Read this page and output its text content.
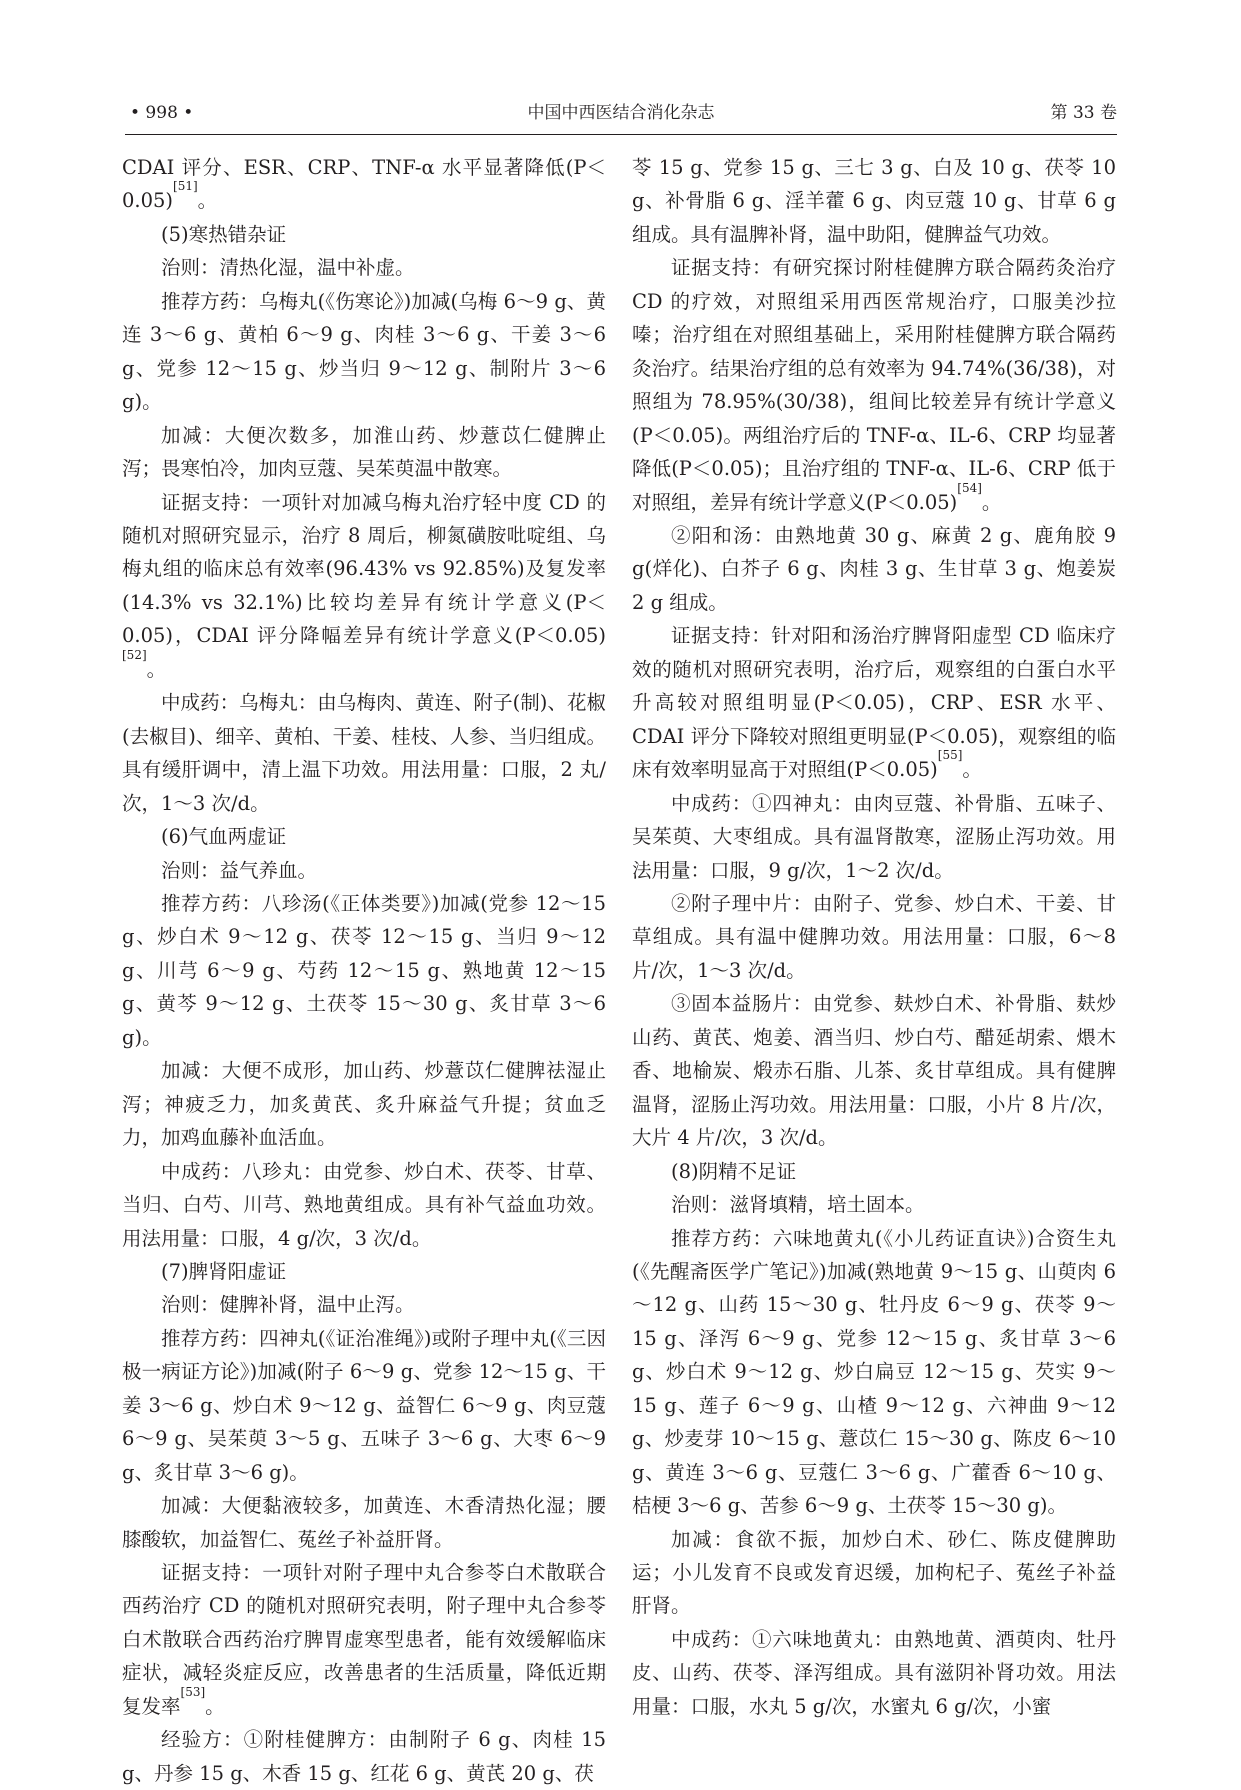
• 998 •	中国中西医结合消化杂志	第 33 卷

CDAI 评分、ESR、CRP、TNF-α 水平显著降低(P＜0.05)[51]。

(5)寒热错杂证

治则：清热化湿，温中补虚。

推荐方药：乌梅丸(《伤寒论》)加减(乌梅 6～9 g、黄连 3～6 g、黄柏 6～9 g、肉桂 3～6 g、干姜 3～6 g、党参 12～15 g、炒当归 9～12 g、制附片 3～6 g)。

加减：大便次数多，加淮山药、炒薏苡仁健脾止泻；畏寒怕冷，加肉豆蔻、吴茱萸温中散寒。

证据支持：一项针对加减乌梅丸治疗轻中度 CD 的随机对照研究显示，治疗 8 周后，柳氮磺胺吡啶组、乌梅丸组的临床总有效率(96.43% vs 92.85%)及复发率(14.3% vs 32.1%)比较均差异有统计学意义(P＜0.05)，CDAI 评分降幅差异有统计学意义(P＜0.05)[52]。

中成药：乌梅丸：由乌梅肉、黄连、附子(制)、花椒(去椒目)、细辛、黄柏、干姜、桂枝、人参、当归组成。具有缓肝调中，清上温下功效。用法用量：口服，2 丸/次，1～3 次/d。

(6)气血两虚证

治则：益气养血。

推荐方药：八珍汤(《正体类要》)加减(党参 12～15 g、炒白术 9～12 g、茯苓 12～15 g、当归 9～12 g、川芎 6～9 g、芍药 12～15 g、熟地黄 12～15 g、黄芩 9～12 g、土茯苓 15～30 g、炙甘草 3～6 g)。

加减：大便不成形，加山药、炒薏苡仁健脾祛湿止泻；神疲乏力，加炙黄芪、炙升麻益气升提；贫血乏力，加鸡血藤补血活血。

中成药：八珍丸：由党参、炒白术、茯苓、甘草、当归、白芍、川芎、熟地黄组成。具有补气益血功效。用法用量：口服，4 g/次，3 次/d。

(7)脾肾阳虚证

治则：健脾补肾，温中止泻。

推荐方药：四神丸(《证治准绳》)或附子理中丸(《三因极一病证方论》)加减(附子 6～9 g、党参 12～15 g、干姜 3～6 g、炒白术 9～12 g、益智仁 6～9 g、肉豆蔻 6～9 g、吴茱萸 3～5 g、五味子 3～6 g、大枣 6～9 g、炙甘草 3～6 g)。

加减：大便黏液较多，加黄连、木香清热化湿；腰膝酸软，加益智仁、菟丝子补益肝肾。

证据支持：一项针对附子理中丸合参苓白术散联合西药治疗 CD 的随机对照研究表明，附子理中丸合参苓白术散联合西药治疗脾胃虚寒型患者，能有效缓解临床症状，减轻炎症反应，改善患者的生活质量，降低近期复发率[53]。

经验方：①附桂健脾方：由制附子 6 g、肉桂 15 g、丹参 15 g、木香 15 g、红花 6 g、黄芪 20 g、茯

苓 15 g、党参 15 g、三七 3 g、白及 10 g、茯苓 10 g、补骨脂 6 g、淫羊藿 6 g、肉豆蔻 10 g、甘草 6 g 组成。具有温脾补肾，温中助阳，健脾益气功效。

证据支持：有研究探讨附桂健脾方联合隔药灸治疗 CD 的疗效，对照组采用西医常规治疗，口服美沙拉嗪；治疗组在对照组基础上，采用附桂健脾方联合隔药灸治疗。结果治疗组的总有效率为 94.74%(36/38)，对照组为 78.95%(30/38)，组间比较差异有统计学意义(P＜0.05)。两组治疗后的 TNF-α、IL-6、CRP 均显著降低(P＜0.05)；且治疗组的 TNF-α、IL-6、CRP 低于对照组，差异有统计学意义(P＜0.05)[54]。

②阳和汤：由熟地黄 30 g、麻黄 2 g、鹿角胶 9 g(烊化)、白芥子 6 g、肉桂 3 g、生甘草 3 g、炮姜炭 2 g 组成。

证据支持：针对阳和汤治疗脾肾阳虚型 CD 临床疗效的随机对照研究表明，治疗后，观察组的白蛋白水平升高较对照组明显(P＜0.05)，CRP、ESR 水平、CDAI 评分下降较对照组更明显(P＜0.05)，观察组的临床有效率明显高于对照组(P＜0.05)[55]。

中成药：①四神丸：由肉豆蔻、补骨脂、五味子、吴茱萸、大枣组成。具有温肾散寒，涩肠止泻功效。用法用量：口服，9 g/次，1～2 次/d。

②附子理中片：由附子、党参、炒白术、干姜、甘草组成。具有温中健脾功效。用法用量：口服，6～8 片/次，1～3 次/d。

③固本益肠片：由党参、麸炒白术、补骨脂、麸炒山药、黄芪、炮姜、酒当归、炒白芍、醋延胡索、煨木香、地榆炭、煅赤石脂、儿茶、炙甘草组成。具有健脾温肾，涩肠止泻功效。用法用量：口服，小片 8 片/次，大片 4 片/次，3 次/d。

(8)阴精不足证

治则：滋肾填精，培土固本。

推荐方药：六味地黄丸(《小儿药证直诀》)合资生丸(《先醒斋医学广笔记》)加减(熟地黄 9～15 g、山萸肉 6～12 g、山药 15～30 g、牡丹皮 6～9 g、茯苓 9～15 g、泽泻 6～9 g、党参 12～15 g、炙甘草 3～6 g、炒白术 9～12 g、炒白扁豆 12～15 g、芡实 9～15 g、莲子 6～9 g、山楂 9～12 g、六神曲 9～12 g、炒麦芽 10～15 g、薏苡仁 15～30 g、陈皮 6～10 g、黄连 3～6 g、豆蔻仁 3～6 g、广藿香 6～10 g、桔梗 3～6 g、苦参 6～9 g、土茯苓 15～30 g)。

加减：食欲不振，加炒白术、砂仁、陈皮健脾助运；小儿发育不良或发育迟缓，加枸杞子、菟丝子补益肝肾。

中成药：①六味地黄丸：由熟地黄、酒萸肉、牡丹皮、山药、茯苓、泽泻组成。具有滋阴补肾功效。用法用量：口服，水丸 5 g/次，水蜜丸 6 g/次，小蜜
